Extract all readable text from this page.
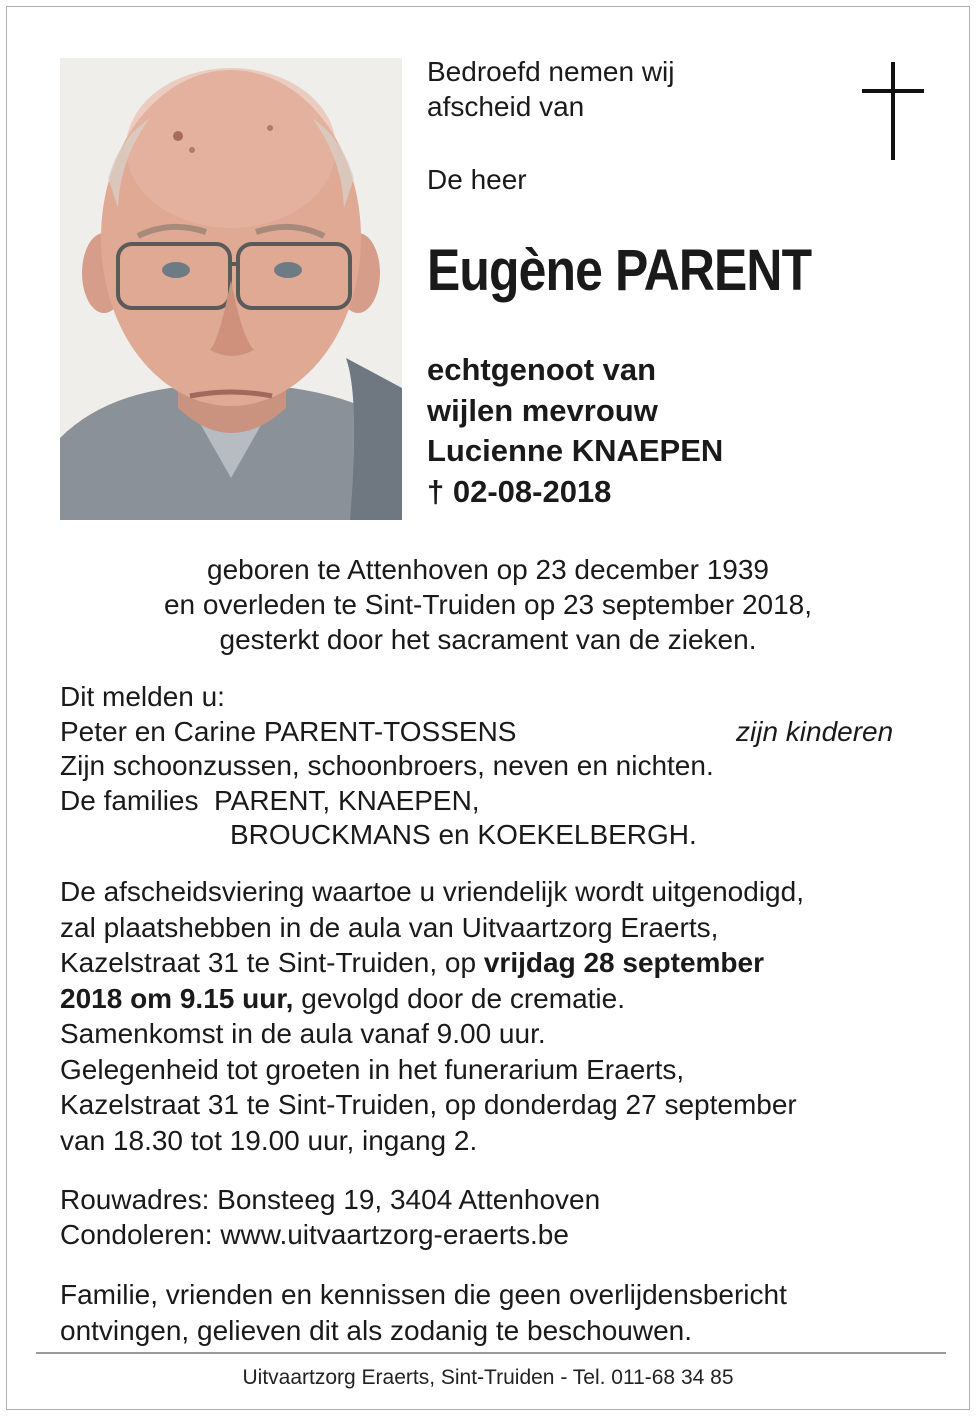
Bedroefd nemen wij
afscheid van
De heer
Eugène PARENT
echtgenoot van
wijlen mevrouw
Lucienne KNAEPEN
† 02-08-2018
geboren te Attenhoven op 23 december 1939
en overleden te Sint-Truiden op 23 september 2018,
gesterkt door het sacrament van de zieken.
Dit melden u:
Peter en Carine PARENT-TOSSENS	zijn kinderen
Zijn schoonzussen, schoonbroers, neven en nichten.
De families  PARENT, KNAEPEN,
BROUCKMANS en KOEKELBERGH.
De afscheidsviering waartoe u vriendelijk wordt uitgenodigd,
zal plaatshebben in de aula van Uitvaartzorg Eraerts,
Kazelstraat 31 te Sint-Truiden, op vrijdag 28 september
2018 om 9.15 uur, gevolgd door de crematie.
Samenkomst in de aula vanaf 9.00 uur.
Gelegenheid tot groeten in het funerarium Eraerts,
Kazelstraat 31 te Sint-Truiden, op donderdag 27 september
van 18.30 tot 19.00 uur, ingang 2.
Rouwadres: Bonsteeg 19, 3404 Attenhoven
Condoleren: www.uitvaartzorg-eraerts.be
Familie, vrienden en kennissen die geen overlijdensbericht
ontvingen, gelieven dit als zodanig te beschouwen.
Uitvaartzorg Eraerts, Sint-Truiden - Tel. 011-68 34 85
